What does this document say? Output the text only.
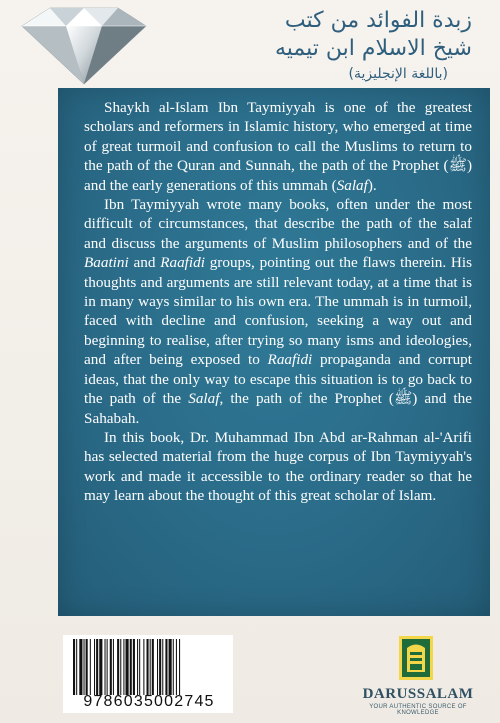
زبدة الفوائد من كتب
شيخ الاسلام ابن تيميه
(باللغة الإنجليزية)

Shaykh al-Islam Ibn Taymiyyah is one of the greatest scholars and reformers in Islamic history, who emerged at time of great turmoil and confusion to call the Muslims to return to the path of the Quran and Sunnah, the path of the Prophet (ﷺ) and the early generations of this ummah (Salaf).

Ibn Taymiyyah wrote many books, often under the most difficult of circumstances, that describe the path of the salaf and discuss the arguments of Muslim philosophers and of the Baatini and Raafidi groups, pointing out the flaws therein. His thoughts and arguments are still relevant today, at a time that is in many ways similar to his own era. The ummah is in turmoil, faced with decline and confusion, seeking a way out and beginning to realise, after trying so many isms and ideologies, and after being exposed to Raafidi propaganda and corrupt ideas, that the only way to escape this situation is to go back to the path of the Salaf, the path of the Prophet (ﷺ) and the Sahabah.

In this book, Dr. Muhammad Ibn Abd ar-Rahman al-'Arifi has selected material from the huge corpus of Ibn Taymiyyah's work and made it accessible to the ordinary reader so that he may learn about the thought of this great scholar of Islam.

9786035002745	DARUSSALAM
YOUR AUTHENTIC SOURCE OF KNOWLEDGE
